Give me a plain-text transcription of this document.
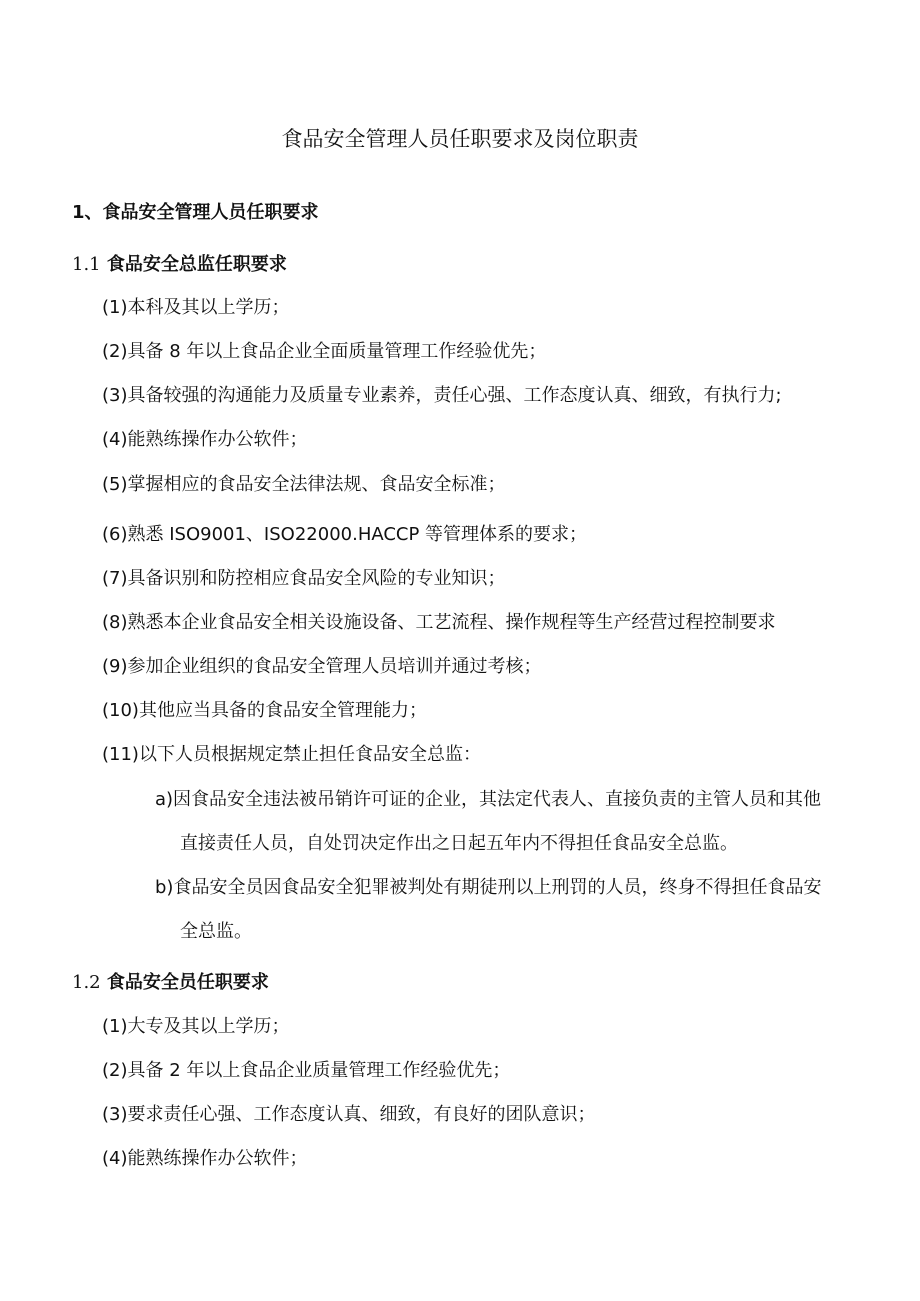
食品安全管理人员任职要求及岗位职责
1、食品安全管理人员任职要求
1.1 食品安全总监任职要求
(1)本科及其以上学历；
(2)具备 8 年以上食品企业全面质量管理工作经验优先；
(3)具备较强的沟通能力及质量专业素养，责任心强、工作态度认真、细致，有执行力;
(4)能熟练操作办公软件；
(5)掌握相应的食品安全法律法规、食品安全标准；
(6)熟悉 ISO9001、ISO22000.HACCP 等管理体系的要求；
(7)具备识别和防控相应食品安全风险的专业知识；
(8)熟悉本企业食品安全相关设施设备、工艺流程、操作规程等生产经营过程控制要求
(9)参加企业组织的食品安全管理人员培训并通过考核；
(10)其他应当具备的食品安全管理能力；
(11)以下人员根据规定禁止担任食品安全总监：
a)因食品安全违法被吊销许可证的企业，其法定代表人、直接负责的主管人员和其他
直接责任人员，自处罚决定作出之日起五年内不得担任食品安全总监。
b)食品安全员因食品安全犯罪被判处有期徒刑以上刑罚的人员，终身不得担任食品安
全总监。
1.2 食品安全员任职要求
(1)大专及其以上学历；
(2)具备 2 年以上食品企业质量管理工作经验优先；
(3)要求责任心强、工作态度认真、细致，有良好的团队意识；
(4)能熟练操作办公软件；
